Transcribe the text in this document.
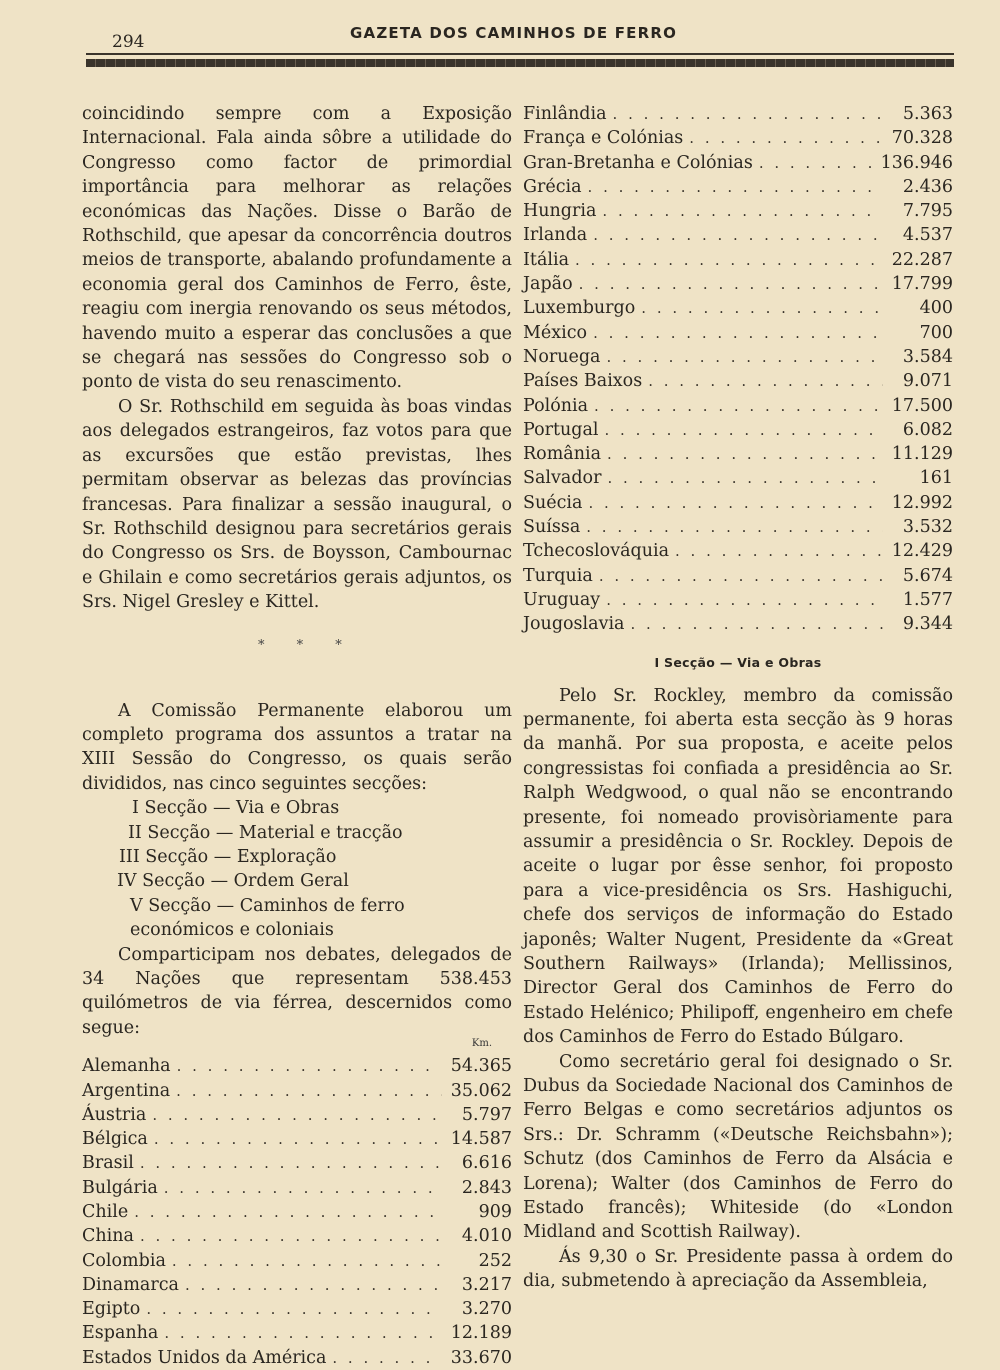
294	GAZETA DOS CAMINHOS DE FERRO

coincidindo sempre com a Exposição Internacional. Fala ainda sôbre a utilidade do Congresso como factor de primordial importância para melhorar as relações económicas das Nações. Disse o Barão de Rothschild, que apesar da concorrência doutros meios de transporte, abalando profundamente a economia geral dos Caminhos de Ferro, êste, reagiu com inergia renovando os seus métodos, havendo muito a esperar das conclusões a que se chegará nas sessões do Congresso sob o ponto de vista do seu renascimento.

O Sr. Rothschild em seguida às boas vindas aos delegados estrangeiros, faz votos para que as excursões que estão previstas, lhes permitam observar as belezas das províncias francesas. Para finalizar a sessão inaugural, o Sr. Rothschild designou para secretários gerais do Congresso os Srs. de Boysson, Cambournac e Ghilain e como secretários gerais adjuntos, os Srs. Nigel Gresley e Kittel.

A Comissão Permanente elaborou um completo programa dos assuntos a tratar na XIII Sessão do Congresso, os quais serão divididos, nas cinco seguintes secções:

I Secção — Via e Obras
II Secção — Material e tracção
III Secção — Exploração
IV Secção — Ordem Geral
V Secção — Caminhos de ferro económicos e coloniais

Comparticipam nos debates, delegados de 34 Nações que representam 538.453 quilómetros de via férrea, descernidos como segue:

Km.
Alemanha . . .	54.365
Argentina . . .	35.062
Áustria . . .	5.797
Bélgica . . .	14.587
Brasil . . .	6.616
Bulgária . . .	2.843
Chile . . .	909
China . . .	4.010
Colombia . . .	252
Dinamarca . . .	3.217
Egipto . . .	3.270
Espanha . . .	12.189
Estados Unidos da América . . .	33.670
* * *
Finlândia . . .	5.363
França e Colónias . . .	70.328
Gran-Bretanha e Colónias . . .	136.946
Grécia . . .	2.436
Hungria . . .	7.795
Irlanda . . .	4.537
Itália . . .	22.287
Japão . . .	17.799
Luxemburgo . . .	400
México . . .	700
Noruega . . .	3.584
Países Baixos . . .	9.071
Polónia . . .	17.500
Portugal . . .	6.082
România . . .	11.129
Salvador . . .	161
Suécia . . .	12.992
Suíssa . . .	3.532
Tchecoslováquia . . .	12.429
Turquia . . .	5.674
Uruguay . . .	1.577
Jougoslavia . . .	9.344
I Secção — Via e Obras

Pelo Sr. Rockley, membro da comissão permanente, foi aberta esta secção às 9 horas da manhã. Por sua proposta, e aceite pelos congressistas foi confiada a presidência ao Sr. Ralph Wedgwood, o qual não se encontrando presente, foi nomeado provisòriamente para assumir a presidência o Sr. Rockley. Depois de aceite o lugar por êsse senhor, foi proposto para a vice-presidência os Srs. Hashiguchi, chefe dos serviços de informação do Estado japonês; Walter Nugent, Presidente da «Great Southern Railways» (Irlanda); Mellissinos, Director Geral dos Caminhos de Ferro do Estado Helénico; Philipoff, engenheiro em chefe dos Caminhos de Ferro do Estado Búlgaro.

Como secretário geral foi designado o Sr. Dubus da Sociedade Nacional dos Caminhos de Ferro Belgas e como secretários adjuntos os Srs.: Dr. Schramm («Deutsche Reichsbahn»); Schutz (dos Caminhos de Ferro da Alsácia e Lorena); Walter (dos Caminhos de Ferro do Estado francês); Whiteside (do «London Midland and Scottish Railway).

Ás 9,30 o Sr. Presidente passa à ordem do dia, submetendo à apreciação da Assembleia,
